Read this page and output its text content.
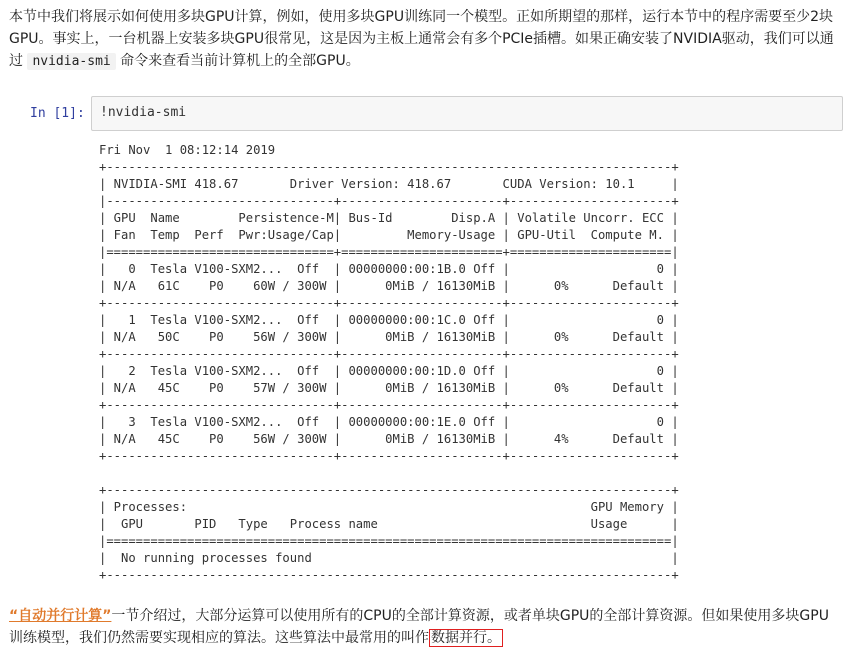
本节中我们将展示如何使用多块GPU计算，例如，使用多块GPU训练同一个模型。正如所期望的那样，运行本节中的程序需要至少2块GPU。事实上，一台机器上安装多块GPU很常见，这是因为主板上通常会有多个PCIe插槽。如果正确安装了NVIDIA驱动，我们可以通过 nvidia-smi 命令来查看当前计算机上的全部GPU。
In [1]: !nvidia-smi
Fri Nov  1 08:12:14 2019
+-----------------------------------------------------------------------------+
| NVIDIA-SMI 418.67       Driver Version: 418.67       CUDA Version: 10.1     |
|-------------------------------+----------------------+----------------------+
| GPU  Name        Persistence-M| Bus-Id        Disp.A | Volatile Uncorr. ECC |
| Fan  Temp  Perf  Pwr:Usage/Cap|         Memory-Usage | GPU-Util  Compute M. |
|===============================+======================+======================|
|   0  Tesla V100-SXM2...  Off  | 00000000:00:1B.0 Off |                    0 |
| N/A   61C    P0    60W / 300W |      0MiB / 16130MiB |      0%      Default |
+-------------------------------+----------------------+----------------------+
|   1  Tesla V100-SXM2...  Off  | 00000000:00:1C.0 Off |                    0 |
| N/A   50C    P0    56W / 300W |      0MiB / 16130MiB |      0%      Default |
+-------------------------------+----------------------+----------------------+
|   2  Tesla V100-SXM2...  Off  | 00000000:00:1D.0 Off |                    0 |
| N/A   45C    P0    57W / 300W |      0MiB / 16130MiB |      0%      Default |
+-------------------------------+----------------------+----------------------+
|   3  Tesla V100-SXM2...  Off  | 00000000:00:1E.0 Off |                    0 |
| N/A   45C    P0    56W / 300W |      0MiB / 16130MiB |      4%      Default |
+-------------------------------+----------------------+----------------------+

+-----------------------------------------------------------------------------+
| Processes:                                                       GPU Memory |
|  GPU       PID   Type   Process name                             Usage      |
|=============================================================================|
|  No running processes found                                                 |
+-----------------------------------------------------------------------------+
“自动并行计算”一节介绍过，大部分运算可以使用所有的CPU的全部计算资源，或者单块GPU的全部计算资源。但如果使用多块GPU训练模型，我们仍然需要实现相应的算法。这些算法中最常用的叫作 数据并行。
